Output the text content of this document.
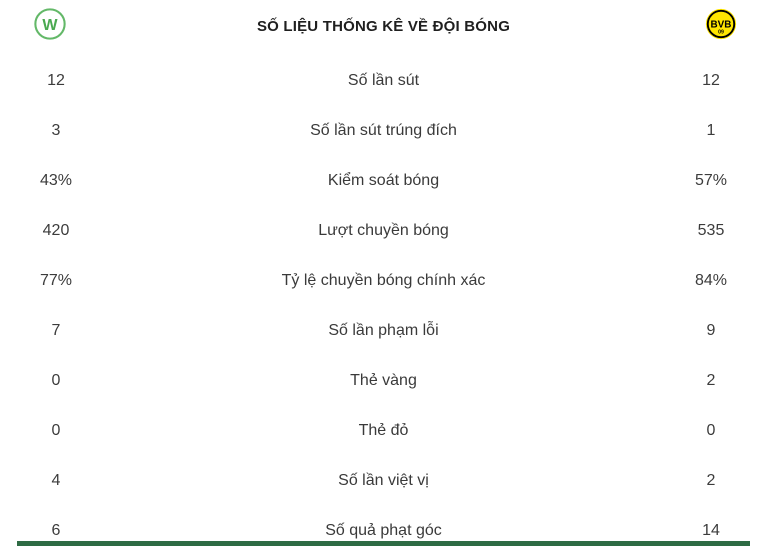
W	SỐ LIỆU THỐNG KÊ VỀ ĐỘI BÓNG	BVB
09
12	Số lần sút	12
3	Số lần sút trúng đích	1
43%	Kiểm soát bóng	57%
420	Lượt chuyền bóng	535
77%	Tỷ lệ chuyền bóng chính xác	84%
7	Số lần phạm lỗi	9
0	Thẻ vàng	2
0	Thẻ đỏ	0
4	Số lần việt vị	2
6	Số quả phạt góc	14
